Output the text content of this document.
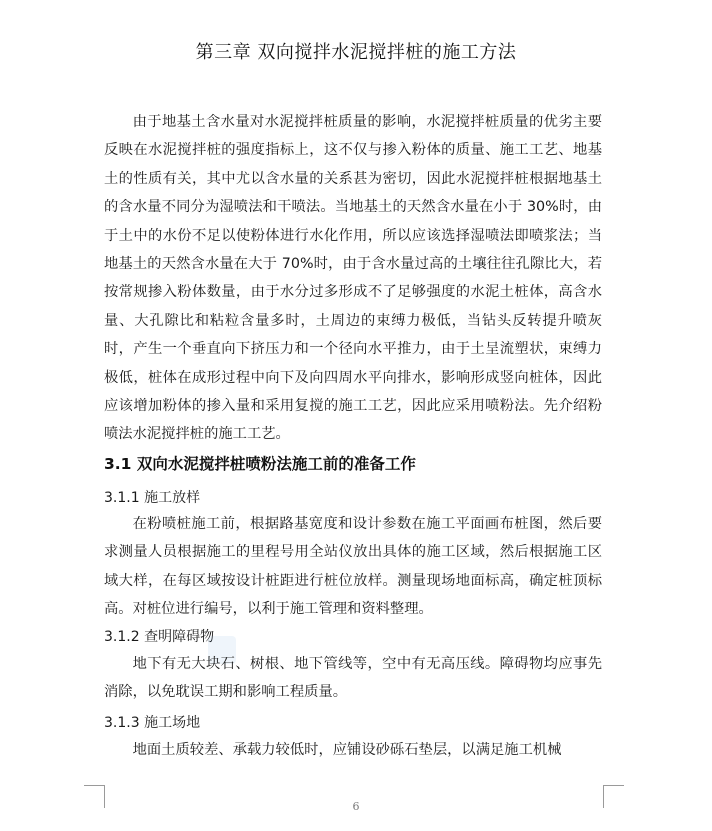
第三章 双向搅拌水泥搅拌桩的施工方法

由于地基土含水量对水泥搅拌桩质量的影响，水泥搅拌桩质量的优劣主要反映在水泥搅拌桩的强度指标上，这不仅与掺入粉体的质量、施工工艺、地基土的性质有关，其中尤以含水量的关系甚为密切，因此水泥搅拌桩根据地基土的含水量不同分为湿喷法和干喷法。当地基土的天然含水量在小于 30%时，由于土中的水份不足以使粉体进行水化作用，所以应该选择湿喷法即喷浆法；当地基土的天然含水量在大于 70%时，由于含水量过高的土壤往往孔隙比大，若按常规掺入粉体数量，由于水分过多形成不了足够强度的水泥土桩体，高含水量、大孔隙比和粘粒含量多时，土周边的束缚力极低，当钻头反转提升喷灰时，产生一个垂直向下挤压力和一个径向水平推力，由于土呈流塑状，束缚力极低，桩体在成形过程中向下及向四周水平向排水，影响形成竖向桩体，因此应该增加粉体的掺入量和采用复搅的施工工艺，因此应采用喷粉法。先介绍粉喷法水泥搅拌桩的施工工艺。

3.1 双向水泥搅拌桩喷粉法施工前的准备工作
3.1.1 施工放样

在粉喷桩施工前，根据路基宽度和设计参数在施工平面画布桩图，然后要求测量人员根据施工的里程号用全站仪放出具体的施工区域，然后根据施工区域大样，在每区域按设计桩距进行桩位放样。测量现场地面标高，确定桩顶标高。对桩位进行编号，以利于施工管理和资料整理。

3.1.2 查明障碍物

地下有无大块石、树根、地下管线等，空中有无高压线。障碍物均应事先消除，以免耽误工期和影响工程质量。

3.1.3 施工场地

地面土质较差、承载力较低时，应铺设砂砾石垫层，以满足施工机械

6
